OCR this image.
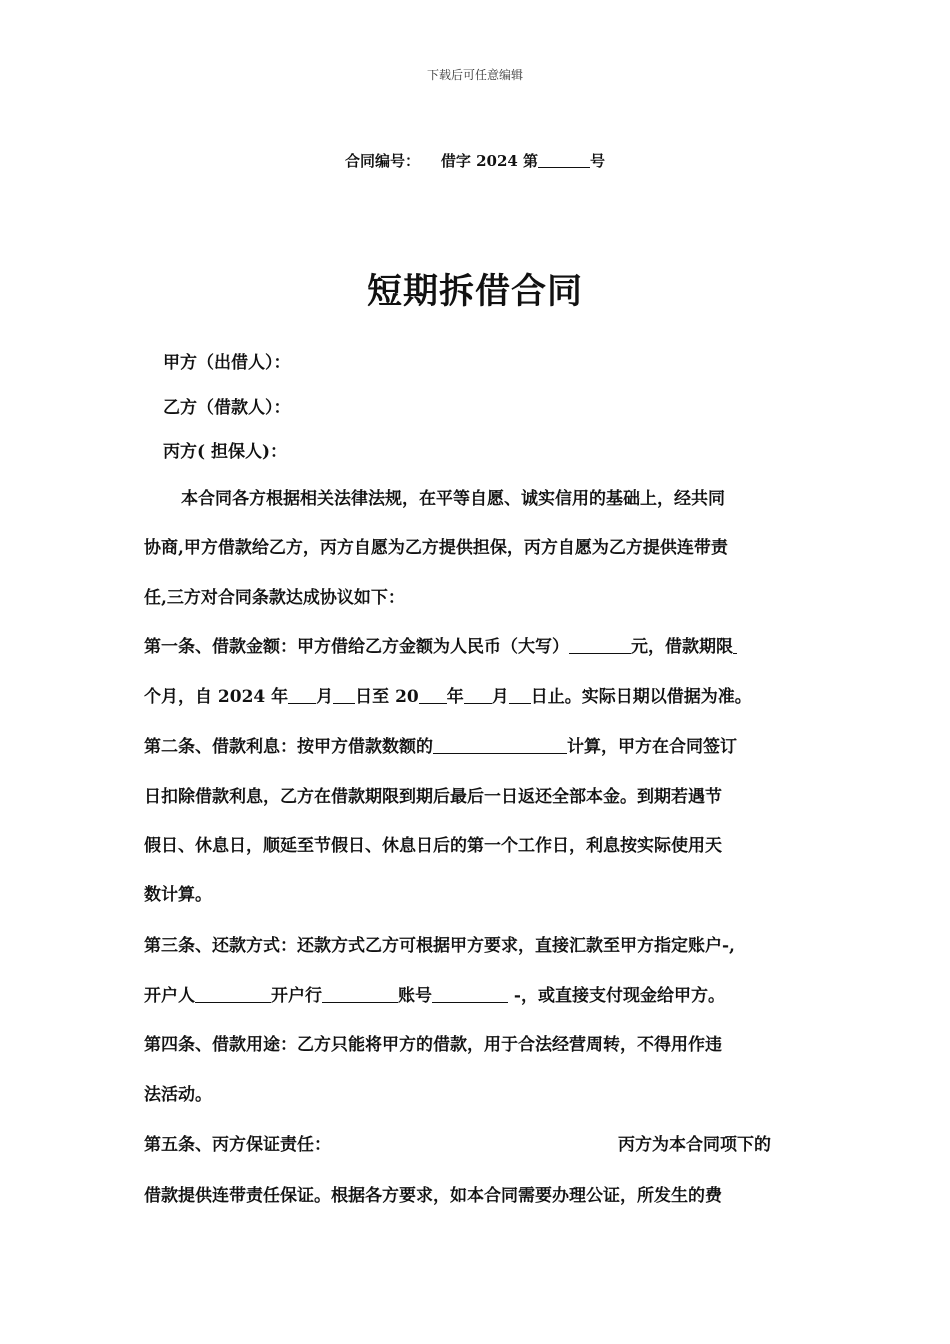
下载后可任意编辑
合同编号： 借字 2024 第	号
短期拆借合同
甲方（出借人）：
乙方（借款人）：
丙方( 担保人)：
本合同各方根据相关法律法规，在平等自愿、诚实信用的基础上，经共同
协商,甲方借款给乙方，丙方自愿为乙方提供担保，丙方自愿为乙方提供连带责
任,三方对合同条款达成协议如下：
第一条、借款金额：甲方借给乙方金额为人民币（大写）	元，借款期限
个月，自 2024 年 月 日至 20 年 月 日止。实际日期以借据为准。
第二条、借款利息：按甲方借款数额的	计算，甲方在合同签订
日扣除借款利息，乙方在借款期限到期后最后一日返还全部本金。到期若遇节
假日、休息日，顺延至节假日、休息日后的第一个工作日，利息按实际使用天
数计算。
第三条、还款方式：还款方式乙方可根据甲方要求，直接汇款至甲方指定账户-,
开户人	开户行	账号	-，或直接支付现金给甲方。
第四条、借款用途：乙方只能将甲方的借款，用于合法经营周转，不得用作违
法活动。
第五条、丙方保证责任：	丙方为本合同项下的
借款提供连带责任保证。根据各方要求，如本合同需要办理公证，所发生的费
